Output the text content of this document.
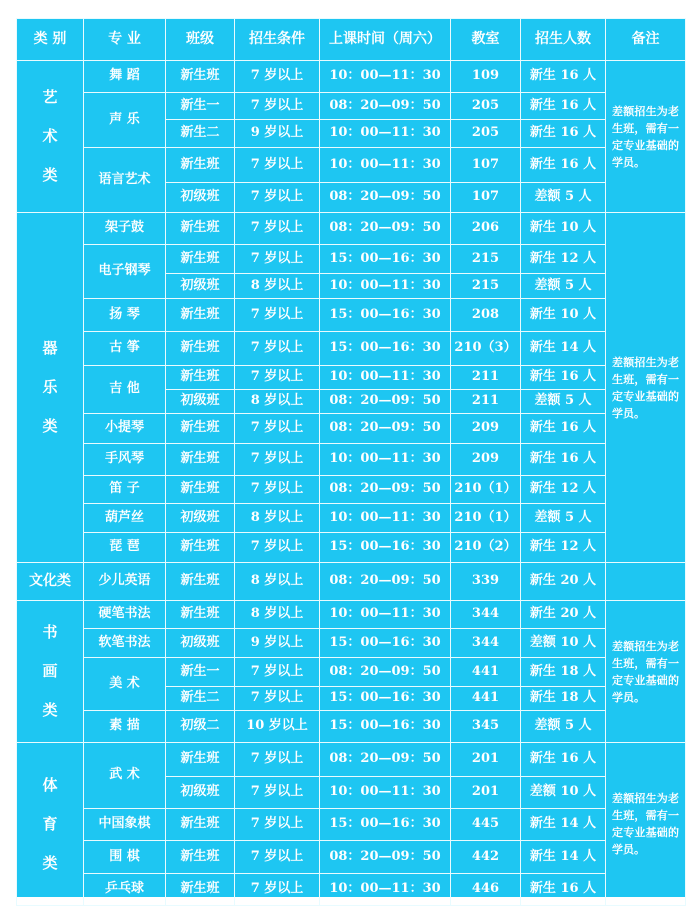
类 别	专 业	班级	招生条件	上课时间（周六）	教室	招生人数	备注

艺
术
类	舞 蹈	新生班	7 岁以上	10：00—11：30	109	新生 16 人	差额招生为老生班，需有一定专业基础的学员。
	声 乐	新生一	7 岁以上	08：20—09：50	205	新生 16 人	
		新生二	9 岁以上	10：00—11：30	205	新生 16 人	
	语言艺术	新生班	7 岁以上	10：00—11：30	107	新生 16 人	
		初级班	7 岁以上	08：20—09：50	107	差额 5 人	

器
乐
类	架子鼓	新生班	7 岁以上	08：20—09：50	206	新生 10 人	差额招生为老生班，需有一定专业基础的学员。
	电子钢琴	新生班	7 岁以上	15：00—16：30	215	新生 12 人	
		初级班	8 岁以上	10：00—11：30	215	差额 5 人	
	扬 琴	新生班	7 岁以上	15：00—16：30	208	新生 10 人	
	古 筝	新生班	7 岁以上	15：00—16：30	210（3）	新生 14 人	
	吉 他	新生班	7 岁以上	10：00—11：30	211	新生 16 人	
		初级班	8 岁以上	08：20—09：50	211	差额 5 人	
	小提琴	新生班	7 岁以上	08：20—09：50	209	新生 16 人	
	手风琴	新生班	7 岁以上	10：00—11：30	209	新生 16 人	
	笛 子	新生班	7 岁以上	08：20—09：50	210（1）	新生 12 人	
	葫芦丝	初级班	8 岁以上	10：00—11：30	210（1）	差额 5 人	
	琵 琶	新生班	7 岁以上	15：00—16：30	210（2）	新生 12 人	
文化类	少儿英语	新生班	8 岁以上	08：20—09：50	339	新生 20 人	

书
画
类	硬笔书法	新生班	8 岁以上	10：00—11：30	344	新生 20 人	差额招生为老生班，需有一定专业基础的学员。
	软笔书法	初级班	9 岁以上	15：00—16：30	344	差额 10 人	
	美 术	新生一	7 岁以上	08：20—09：50	441	新生 18 人	
		新生二	7 岁以上	15：00—16：30	441	新生 18 人	
	素 描	初级二	10 岁以上	15：00—16：30	345	差额 5 人	

体
育
类	武 术	新生班	7 岁以上	08：20—09：50	201	新生 16 人	差额招生为老生班，需有一定专业基础的学员。
		初级班	7 岁以上	10：00—11：30	201	差额 10 人	
	中国象棋	新生班	7 岁以上	15：00—16：30	445	新生 14 人	
	围 棋	新生班	7 岁以上	08：20—09：50	442	新生 14 人	
	乒乓球	新生班	7 岁以上	10：00—11：30	446	新生 16 人	
